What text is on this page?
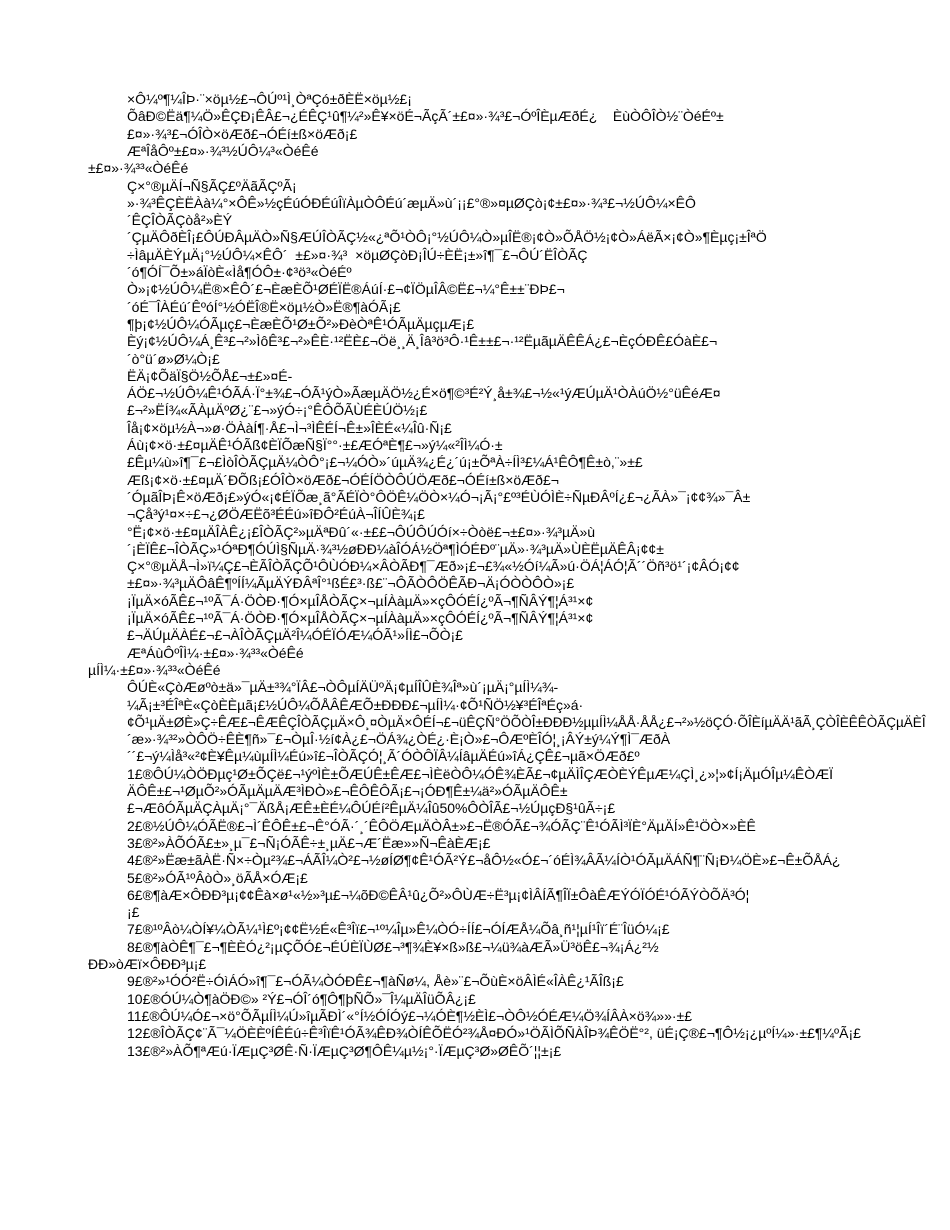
×Ô¼º¶¼ÎÞ·¨×öµ½£¬ÔÚº¹Ì¸ÒªÇó±ðÈË×öµ½£¡
ÕâÐ©Ëä¶¼Ö»ÊÇÐ¡ÊÂ£¬¿ÉÊÇ¹û¶¼²»Ê¥×öÉ¬ÃçÃ´±£¤»·¾³£¬ÓºÎÈµÆðÉ¿    ÈùÒÔÎÒ½¨ÒéÉº±
£¤»·¾³£¬ÓÎÒ×öÆð£¬ÓÉí±ß×öÆð¡£
ÆªÎåÔº±£¤»·¾³½ÚÔ¼³«ÒéÊé
±£¤»·¾³³«ÒéÊé
Ç×°®µÄÍ¬Ñ§ÃÇ£ºÄãÃÇºÃ¡
»·¾³ÊÇÈËÀà¼°×ÔÊ»½çÉúÓÐÉúÎïÀµÒÔÉú´æµÄ»ù´¡¡£°®»¤µØÇò¡¢±£¤»·¾³£¬½ÚÔ¼×ÊÔ
´ÊÇÎÒÃÇòå²»ÈÝ
´ÇµÄÔðÈÎ¡£ÔÚÐÂµÄÒ»Ñ§ÆÚÎÒÃÇ½«¿ªÕ¹ÒÔ¡°½ÚÔ¼Ò»µÎË®¡¢Ò»ÕÅÖ½¡¢Ò»ÁëÃ×¡¢Ò»¶Èµç¡±ÎªÖ
÷ÌâµÄÈÝµÄ¡°½ÚÔ¼×ÊÔ´  ±£»¤·¾³  ×öµØÇòÐ¡ÎÚ÷ÈË¡±»î¶¯£¬ÔÚ´ËÎÒÃÇ
´ó¶ÓÍ¯Õ±»áÏòÈ«Ìå¶ÓÔ±·¢³ö³«ÒéÉº
Ò»¡¢½ÚÔ¼Ë®×ÊÔ´£¬ÈæÈÕ¹ØÉÏË®ÁúÍ·£¬¢ÏÖµÎÂ©Ë£¬¼°Ê±±¨ÐÞ£¬
´óÉ¯ÎÀÉú´ÊºóÍ°½ÓËÎ®Ë×öµ½Ò»Ë®¶àÓÃ¡£
¶þ¡¢½ÚÔ¼ÓÃµç£¬ÈæÈÕ¹Ø±Õ²»ÐèÒªÊ¹ÓÃµÄµçµÆ¡£
Èý¡¢½ÚÔ¼Á¸Ê³£¬²»ÌôÊ³£¬²»ÊÈ·¹²ËÈ£¬Öë¸¸Ä¸Îâ³ö³Ô·¹Ê±±£¬·¹²ËµãµÄÊÊÁ¿£¬ÈçÓÐÊ£ÓàÈ£¬
´ò°ü´ø»Ø¼Ò¡£
ËÄ¡¢ÕäÏ§Ö½ÕÅ£¬±£»¤É-
ÁÖ£¬½ÚÔ¼Ê¹ÓÃÁ·Ï°±¾£¬ÓÃ¹ýÒ»ÃæµÄÖ½¿É×ö¶©³É²Ý¸å±¾£¬½«¹ýÆÚµÄ¹ÒÀúÖ½°üÊéÆ¤
£¬²»ËÍ¾«ÃÀµÄºØ¿¨£¬»ýÓ÷¡°ÊÔÕÃÙÉÈÚÖ½¡£
Îå¡¢×öµ½À¬»ø·ÖÀàÍ¶·Å£¬Ì¬³ÌÊÉÍ¬Ê±»ÎÈÉ«¼Îû·Ñ¡£
Áù¡¢×ö·±£¤µÄÊ¹ÓÃß¢ÈÏÕæÑ§Ï°°·±£ÆÓªÈ¶£¬»ý¼«²ÎÌ¼Ó·±
£Êµ¼ù»î¶¯£¬£ÌòÎÒÃÇµÄ¼ÒÔ°¡£¬¼ÓÒ»´úµÄ¾¿É¿´ú¡±ÕªÀ÷ÍÌ³£¼Á¹ÊÔ¶Ê±ò,¨»±£
Æß¡¢×ö·±£¤µÄ´ÐÕß¡£ÓÎÒ×öÆð£¬ÓÉÍÖÒÔÚÖÆð£¬ÓÉí±ß×öÆð£¬
´ÓµãÎÞ¡Ê×öÆð¡£»ýÓ«¡¢ÉÏÕæ¸ã°ÃÉÏÒ°ÔÖÊ¼ÖÒ×¼Ó¬¡Ã¡°£º³ÉÙÓÌÈ÷ÑµÐÂºÍ¿£¬¿ÃÀ»¯¡¢¢¾»¯Â±
¬Çå³ý¹¤×÷£¬¿ØÖÆËõ³ÉÉú»îÐÔ²ÉúÀ¬ÎÍÛÈ¾¡£
°Ë¡¢×ö·±£¤µÄÎÀÊ¿¡£ÎÒÃÇ²»µÄªÐû´«·±££¬ÔÚÔÚÓí×÷Òòë£¬±£¤»·¾³µÄ»ù
´¡ÈÏÊ£¬ÎÒÃÇ»¹ÓªÐ¶ÓÚÌ§ÑµÄ·¾³½øÐÐ¼àÎÓÁ½Öª¶ÌÓÉÐº¨µÄ»·¾³µÄ»ÙÈËµÄÊÂ¡¢¢±
Ç×°®µÄÅ¬Ì»ï¼Ç£¬ÈÃÎÒÃÇÕ¹ÔÙÓÐ¼×ÂÒÃÐ¶¯Æð»¡£¬£¾«½Óí¼Ã»ú·ÖÁ¦ÁÓ¦Ã´´Öñ³ö¹´¡¢ÂÓ¡¢¢
±£¤»·¾³µÄÔâÊ¶ºÍÍ¼ÃµÄÝÐÂªÎ°¹ßÉ£³·ß£¨¬ÔÃÒÔÖÊÃÐ¬Ä¡ÓÒÒÔÒ»¡£
¡ÏµÄ×óÃÊ£¬¹ºÃ¯Á·ÖÒÐ·¶Ó×µÎÅÒÃÇ×¬µÍÀàµÄ»×çÔÓÉÍ¿ºÃ¬¶ÑÂÝ¶¦Á³¹×¢
¡ÏµÄ×óÃÊ£¬¹ºÃ¯Á·ÖÒÐ·¶Ó×µÎÅÒÃÇ×¬µÍÀàµÄ»×çÔÓÉÍ¿ºÃ¬¶ÑÂÝ¶¦Á³¹×¢
£¬ÄÚµÄÀÉ£¬£¬ÀÎÒÃÇµÄ²Î¼ÓÉÏÓÆ¼ÓÃ¹»ÍÌ£¬ÕÒ¡£
ÆªÁùÔºÎÌ¼·±£¤»·¾³³«ÒéÊé
µÍÌ¼·±£¤»·¾³³«ÒéÊé
ÔÚÈ«ÇòÆøºò±ä»¯µÄ±³¾°ÏÂ£¬ÒÔµÍÄÜºÄ¡¢µÍÎÛÈ¾Îª»ù´¡µÄ¡°µÍÌ¼¾-
¼Ã¡±³ÉÎªÈ«ÇòÈÈµã¡£½ÚÔ¼ÕÅÂÊÆÕ±ÐÐÐ£¬µÍÌ¼·¢Õ¹ÑÖ½¥³ÉÎªÉç»á·
¢Õ¹µÄ±ØÈ»Ç÷ÊÆ£¬ÊÆÊÇÎÒÃÇµÄ×Ô¸¤ÒµÄ×ÔÉÍ¬£¬üÊÇÑ°ÖÕÒÎ±ÐÐÐ½µµÍÌ¼ÅÅ·ÅÅ¿£¬²»½öÇÓ·ÕÎÈíµÄÄ¹ãÃ¸ÇÒÎÈÊÊÒÃÇµÄÈÎ
´æ»·¾³²»ÒÔÖ÷ÊÈ¶ñ»¯£¬ÒµÎ·½í¢À¿£¬ÖÁ¾¿ÒÉ¿·È¡Ò»£¬ÔÆºÈÎÓ¦¸¡ÂÝ±ý¼Ý¶Ì¯ÆðÀ
´´£¬ý¼Ìå³«²¢È¥Êµ¼ùµÍÌ¼Éú»î£¬ÎÒÃÇÓ¦¸Ã´ÓÒÔÏÂ¼ÍâµÄÉú»îÁ¿ÇÊ£¬µã×ÖÆð£º
1£®ÔÚ¼ÒÖÐµç¹Ø±ÕÇë£¬¹ýºÌÈ±ÕÆÚÊ±ÊÆ£¬ÌÈëÒÔ¼ÓÊ¾ÈÃ£¬¢µÄÌÎÇÆÒÈÝÊµÆ¼ÇÌ¸¿»¦»¢Í¡ÄµÓÎµ¼ÊÒÆÏ
ÄÔÊ±£¬¹ØµÕ²»ÓÃµÄµÄÆ³ÌÐÒ»£¬ÊÔÊÔÃ¡£¬¡ÓÐ¶Ê±¼ä²»ÓÃµÄÔÊ±
£¬ÆôÓÃµÄÇÀµÄ¡°¯ÄßÅ¡ÆÊ±ÈÉ¼ÔÚÉí²ÊµÄ¼Îû50%ÔÒÎÃ£¬½ÚµçÐ§¹ûÃ÷¡£
2£®½ÚÔ¼ÓÃË®£¬Ì´ÊÔÊ±£¬Ê°ÓÃ·´¸´ÊÔÖÆµÄÒÂ±»£¬Ë®ÓÃ£¬¾ÓÃÇ¨Ê¹ÓÃÌ³ÏÈ°ÄµÄÍ»Ê¹ÖÒ×»ÈÊ
3£®²»ÀÕÓÃ£±»¸µ¯£¬Ñ¡ÓÃÊ÷±¸µÄ£¬Æ´Ëæ»»Ñ¬ÊàÈÆ¡£
4£®²»Ëæ±ãÀË·Ñ×÷Òµ²¾£¬ÁÃÎ¼Ò²£¬½øÍØ¶¢Ê¹ÓÃ²Ý£¬åÔ½«Ó£¬´óÉÌ¾ÂÃ¼ÍÒ¹ÓÃµÄÁÑ¶¨Ñ¡Ð¼ÖÈ»£¬Ê±ÕÅÁ¿
5£®²»ÓÃ¹ºÂòÒ»¸öÃÅ×ÓÆ¡£
6£®¶àÆ×ÔÐÐ³µ¡¢¢Êà×ø¹«½»³µ£¬¼õÐ©ÊÂ¹û¿Õ²»ÔÙÆ÷Ë³µ¡¢ÌÂÍÃ¶ÎÏ±ÔàÊÆÝÓÏÓÉ¹ÓÃÝÒÕÄ³Ó¦
¡£
7£®¹ºÂò¼ÒÍ¥¼ÒÃ¼¹Ì£º¡¢¢Ë½É«Ê³Îï£¬¹º¼Îµ»Ê¼ÒÓ÷ÍÍ£¬ÓÍÆÅ¼Õâ¸ñ¹¦µÍ¹Îï´É¨ÎüÓ¼¡£
8£®¶àÒÊ¶¯£¬¶ÈÈÓ¿²¡µÇÕÓ£¬ÉÚÈÏÙØ£¬³¶¾È¥×ß»ß£¬¼ü¾àÆÃ»Ü³öÊ£¬¾¡Á¿²½
ÐÐ»òÆï×ÔÐÐ³µ¡£
9£®²»¹ÓÓ²Ë÷ÓìÁÓ»î¶¯£¬ÓÃ¼ÒÓÐÊ£¬¶àÑø¼, Åè»¨£¬ÕùÈ×öÂÌÉ«ÎÀÊ¿¹ÃÎß¡£
10£®ÓÚ¼Ò¶àÖÐ©» ²Ý£¬ÓÎ´ó¶Ô¶þÑÕ»¯Î¼µÄÎüÕÂ¿¡£
11£®ÔÚ¼Ó£¬×ö°ÕÃµÍÌ¼Ú»îµÃÐÌ´«°Í½ÓÍÓý£¬¼ÓÈ¶½ÈÌ£¬ÒÔ½ÓÉÆ¼Ö¾ÍÂÀ×ö¾»»·±£
12£®ÎÒÃÇ¢¨Ã¯¼ÖÈÈºÍÊÉú÷Ê³ÎïÊ¹ÓÃ¾ÊÐ¾ÒÍÊÕËÓ²¾Å¤ÐÓ»¹ÖÃÌÕÑÀÎÞ¾ÊÖË°², üÉ¡Ç®£¬¶Ô½¡¿µºÍ¼»·±£¶¼ºÃ¡£
13£®²»ÀÕ¶ªÆú·ÏÆµÇ³ØÊ·Ñ·ÏÆµÇ³Ø¶ÔÊ¼µ½¡°·ÏÆµÇ³Ø»ØÊÕ´¦¦±¡£
